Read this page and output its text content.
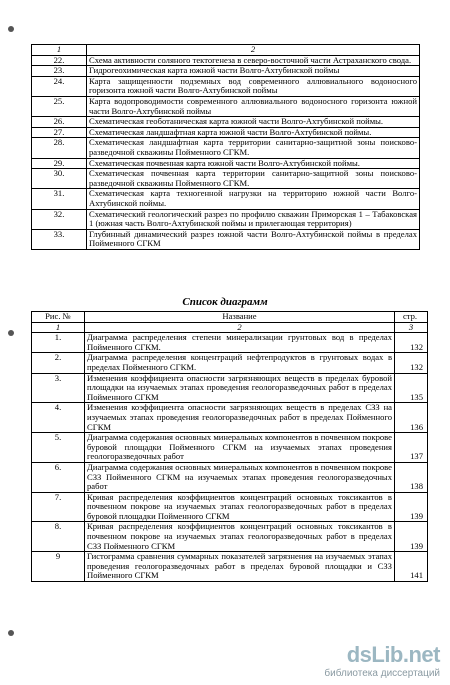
1	2
22.	Схема активности соляного тектогенеза в северо-восточной части Астраханского свода.
23.	Гидрогеохимическая карта южной части Волго-Ахтубинской поймы
24.	Карта защищенности подземных вод современного аллювиального водоносного горизонта южной части Волго-Ахтубинской поймы
25.	Карта водопроводимости современного аллювиального водоносного горизонта южной части Волго-Ахтубинской поймы
26.	Схематическая геоботаническая карта южной части Волго-Ахтубинской поймы.
27.	Схематическая ландшафтная карта южной части Волго-Ахтубинской поймы.
28.	Схематическая ландшафтная карта территории санитарно-защитной зоны поисково-разведочной скважины Пойменного СГКМ.
29.	Схематическая почвенная карта южной части Волго-Ахтубинской поймы.
30.	Схематическая почвенная карта территории санитарно-защитной зоны поисково-разведочной скважины Пойменного СГКМ.
31.	Схематическая карта техногенной нагрузки на территорию южной части Волго-Ахтубинской поймы.
32.	Схематический геологический разрез по профилю скважин Приморская 1 – Табаковская 1 (южная часть Волго-Ахтубинской поймы и прилегающая территория)
33.	Глубинный динамический разрез южной части Волго-Ахтубинской поймы в пределах Пойменного СГКМ
Список диаграмм
Рис. №	Название	стр.
1	2	3
1.	Диаграмма распределения степени минерализации грунтовых вод в пределах Пойменного СГКМ.	132
2.	Диаграмма распределения концентраций нефтепродуктов в грунтовых водах в пределах Пойменного СГКМ.	132
3.	Изменения коэффициента опасности загрязняющих веществ в пределах буровой площадки на изучаемых этапах проведения геологоразведочных работ в пределах Пойменного СГКМ	135
4.	Изменения коэффициента опасности загрязняющих веществ в пределах СЗЗ на изучаемых этапах проведения геологоразведочных работ в пределах Пойменного СГКМ	136
5.	Диаграмма содержания основных минеральных компонентов в почвенном покрове буровой площадки Пойменного СГКМ на изучаемых этапах проведения геологоразведочных работ	137
6.	Диаграмма содержания основных минеральных компонентов в почвенном покрове СЗЗ Пойменного СГКМ на изучаемых этапах проведения геологоразведочных работ	138
7.	Кривая распределения коэффициентов концентраций основных токсикантов в почвенном покрове на изучаемых этапах геологоразведочных работ в пределах буровой площадки Пойменного СГКМ	139
8.	Кривая распределения коэффициентов концентраций основных токсикантов в почвенном покрове на изучаемых этапах геологоразведочных работ в пределах СЗЗ Пойменного СГКМ	139
9	Гистограмма сравнения суммарных показателей загрязнения на изучаемых этапах проведения геологоразведочных работ в пределах буровой площадки и СЗЗ Пойменного СГКМ	141
dsLib.net
библиотека диссертаций
